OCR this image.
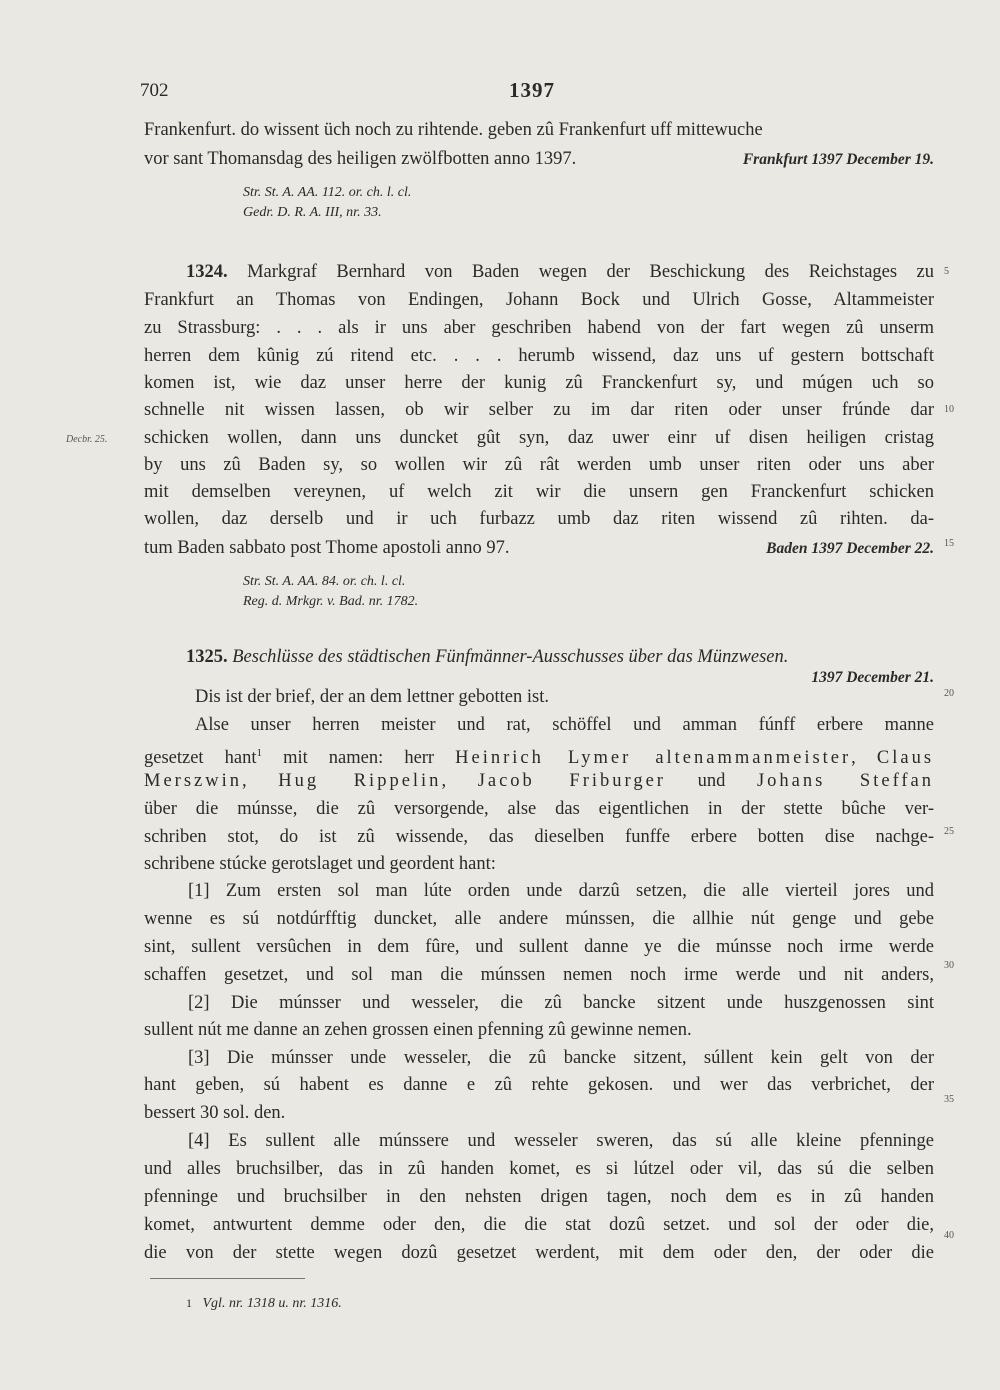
702	1397
Frankenfurt. do wissent üch noch zu rihtende. geben zû Frankenfurt uff mittewuche
vor sant Thomansdag des heiligen zwölfbotten anno 1397.	Frankfurt 1397 December 19.
Str. St. A. AA. 112. or. ch. l. cl.
Gedr. D. R. A. III, nr. 33.
1324. Markgraf Bernhard von Baden wegen der Beschickung des Reichstages zu
Frankfurt an Thomas von Endingen, Johann Bock und Ulrich Gosse, Altammeister
zu Strassburg: . . . als ir uns aber geschriben habend von der fart wegen zû unserm
herren dem kûnig zú ritend etc. . . . herumb wissend, daz uns uf gestern bottschaft
komen ist, wie daz unser herre der kunig zû Franckenfurt sy, und múgen uch so
schnelle nit wissen lassen, ob wir selber zu im dar riten oder unser frúnde dar
schicken wollen, dann uns duncket gût syn, daz uwer einr uf disen heiligen cristag
by uns zû Baden sy, so wollen wir zû rât werden umb unser riten oder uns aber
mit demselben vereynen, uf welch zit wir die unsern gen Franckenfurt schicken
wollen, daz derselb und ir uch furbazz umb daz riten wissend zû rihten. da-
tum Baden sabbato post Thome apostoli anno 97.	Baden 1397 December 22.
Str. St. A. AA. 84. or. ch. l. cl.
Reg. d. Mrkgr. v. Bad. nr. 1782.
Decbr. 25.
1325. Beschlüsse des städtischen Fünfmänner-Ausschusses über das Münzwesen.
1397 December 21.
Dis ist der brief, der an dem lettner gebotten ist.
Alse unser herren meister und rat, schöffel und amman fúnff erbere manne
gesetzet hant$^1$ mit namen: herr Heinrich Lymer altenammanmeister, Claus
Merszwin, Hug Rippelin, Jacob Friburger und Johans Steffan
über die múnsse, die zû versorgende, alse das eigentlichen in der stette bûche ver-
schriben stot, do ist zû wissende, das dieselben funffe erbere botten dise nachge-
schribene stúcke gerotslaget und geordent hant:
[1] Zum ersten sol man lúte orden unde darzû setzen, die alle vierteil jores und
wenne es sú notdúrfftig duncket, alle andere múnssen, die allhie nút genge und gebe
sint, sullent versûchen in dem fûre, und sullent danne ye die múnsse noch irme werde
schaffen gesetzet, und sol man die múnssen nemen noch irme werde und nit anders,
[2] Die múnsser und wesseler, die zû bancke sitzent unde huszgenossen sint
sullent nút me danne an zehen grossen einen pfenning zû gewinne nemen.
[3] Die múnsser unde wesseler, die zû bancke sitzent, súllent kein gelt von der
hant geben, sú habent es danne e zû rehte gekosen. und wer das verbrichet, der
bessert 30 sol. den.
[4] Es sullent alle múnssere und wesseler sweren, das sú alle kleine pfenninge
und alles bruchsilber, das in zû handen komet, es si lútzel oder vil, das sú die selben
pfenninge und bruchsilber in den nehsten drigen tagen, noch dem es in zû handen
komet, antwurtent demme oder den, die die stat dozû setzet. und sol der oder die,
die von der stette wegen dozû gesetzet werdent, mit dem oder den, der oder die
5
10
15
20
25
30
35
40
1 Vgl. nr. 1318 u. nr. 1316.
